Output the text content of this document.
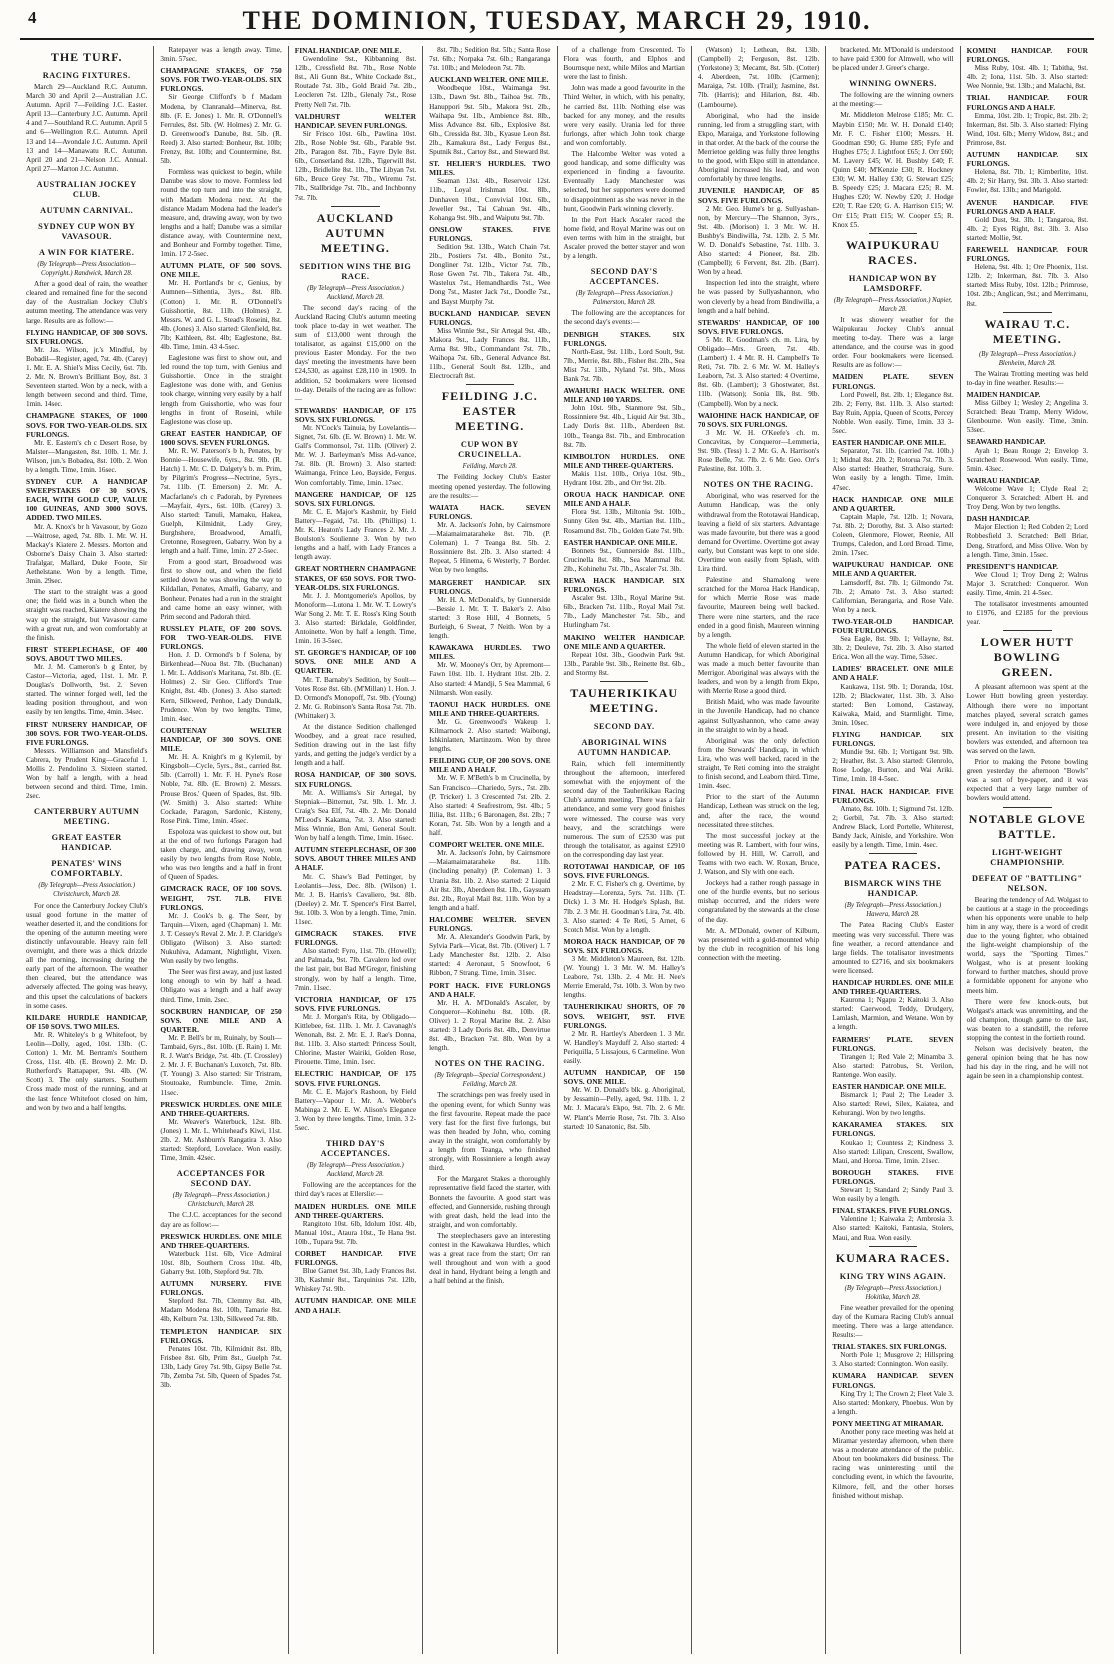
4	THE DOMINION, TUESDAY, MARCH 29, 1910.
THE TURF.
RACING FIXTURES.
March 29—Auckland R.C. Autumn. March 30 and April 2—Australian J.C. Autumn. April 7—Feilding J.C. Easter. April 13—Canterbury J.C. Autumn. April 4 and 7—Southland R.C. Autumn. April 5 and 6—Wellington R.C. Autumn. April 13 and 14—Avondale J.C. Autumn. April 13 and 14—Manawatu R.C. Autumn. April 20 and 21—Nelson J.C. Annual. April 27—Marton J.C. Autumn.
AUSTRALIAN JOCKEY CLUB.
AUTUMN CARNIVAL.
SYDNEY CUP WON BY VAVASOUR.
A WIN FOR KIATERE.
(By Telegraph—Press Association—Copyright.) Randwick, March 28.
After a good deal of rain, the weather cleared and remained fine for the second day of the Australian Jockey Club's autumn meeting. The attendance was very large. Results are as follow:—
FLYING HANDICAP, OF 300 SOVS. SIX FURLONGS.
Mr. Jas. Wilson, jr.'s Mindful, by Bobadil—Register, aged, 7st. 4lb. (Carey) 1. Mr. E. A. Shiel's Miss Cecily, 6st. 7lb. 2. Mr. N. Brown's Brilliant Boy, 8st. 3 Seventeen started. Won by a neck, with a length between second and third. Time, 1min. 14sec.
CHAMPAGNE STAKES, OF 1000 SOVS. FOR TWO-YEAR-OLDS. SIX FURLONGS.
Mr. E. Eastern's ch c Desert Rose, by Malster—Mangasten, 8st. 10lb. 1. Mr. J. Wilson, jun.'s Bobadea, 8st. 10lb. 2. Won by a length. Time, 1min. 16sec.
SYDNEY CUP. A HANDICAP SWEEPSTAKES OF 30 SOVS. EACH, WITH GOLD CUP, VALUE 100 GUINEAS, AND 3000 SOVS. ADDED. TWO MILES.
Mr. A. Knox's br h Vavasour, by Gozo—Waitrose, aged, 7st. 8lb. 1. Mr. W. H. Mackay's Kiatere 2. Messrs. Morton and Osborne's Daisy Chain 3. Also started: Trafalgar, Mallard, Duke Foote, Sir Aethelstane. Won by a length. Time, 3min. 29sec.
The start to the straight was a good one; the field was in a bunch when the straight was reached, Kiatere showing the way up the straight, but Vavasour came with a great run, and won comfortably at the finish.
FIRST STEEPLECHASE, OF 400 SOVS. ABOUT TWO MILES.
Mr. J. M. Cameron's b g Enter, by Castor—Victoria, aged, 11st. 1. Mr. P. Douglas's Dollworth, 9st. 2. Seven started. The winner forged well, led the leading position throughout, and won easily by ten lengths. Time, 4min. 34sec.
FIRST NURSERY HANDICAP, OF 300 SOVS. FOR TWO-YEAR-OLDS. FIVE FURLONGS.
Messrs. Williamson and Mansfield's Cabrera, by Prudent King—Graceful 1. Mollis 2. Pendolino 3. Sixteen started. Won by half a length, with a head between second and third. Time, 1min. 2sec.
CANTERBURY AUTUMN MEETING.
GREAT EASTER HANDICAP.
PENATES' WINS COMFORTABLY.
(By Telegraph—Press Association.) Christchurch, March 28.
For once the Canterbury Jockey Club's usual good fortune in the matter of weather deserted it, and the conditions for the opening of the autumn meeting were distinctly unfavourable. Heavy rain fell overnight, and there was a thick drizzle all the morning, increasing during the early part of the afternoon. The weather then cleared, but the attendance was adversely affected. The going was heavy, and this upset the calculations of backers in some cases.
KILDARE HURDLE HANDICAP, OF 150 SOVS. TWO MILES.
Mr. R. Whiteley's b g Whitefoot, by Leolin—Dolly, aged, 10st. 13lb. (C. Cotton) 1. Mr. M. Bertram's Southern Cross, 11st. 4lb. (E. Brown) 2. Mr. D. Rutherford's Rattapaper, 9st. 4lb. (W. Scott) 3. The only starters. Southern Cross made most of the running, and at the last fence Whitefoot closed on him, and won by two and a half lengths.
Ratepayer was a length away. Time, 3min. 57sec.
CHAMPAGNE STAKES, OF 750 SOVS. FOR TWO-YEAR-OLDS. SIX FURLONGS.
Sir George Clifford's b f Madam Modena, by Clanranald—Minerva, 8st. 8lb. (F. E. Jones) 1. Mr. R. O'Donnell's Ferrules, 8st. 5lb. (W. Holmes) 2. Mr. G. D. Greenwood's Danube, 8st. 5lb. (R. Reed) 3. Also started: Bonheur, 8st. 10lb; Frenzy, 8st. 10lb; and Countermine, 8st. 5lb.
Formless was quickest to begin, while Danube was slow to move. Formless led round the top turn and into the straight, with Madam Modena next. At the distance Madam Modena had the leader's measure, and, drawing away, won by two lengths and a half; Danube was a similar distance away, with Countermine next, and Bonheur and Formby together. Time, 1min. 17 2-5sec.
AUTUMN PLATE, OF 500 SOVS. ONE MILE.
Mr. H. Portland's br c, Genius, by Aumnen—Sithentia, 3yrs., 8st. 8lb. (Cotton) 1. Mr. R. O'Donnell's Guisshortie, 8st. 11lb. (Holmes) 2. Messrs. W. and G. L. Stead's Roseini, 8st. 4lb. (Jones) 3. Also started: Glenfield, 8st. 7lb; Kathleen, 8st. 4lb; Eaglestone, 8st. 4lb. Time, 1min. 43 4-5sec.
Eaglestone was first to show out, and led round the top turn, with Genius and Guisshortie. Once in the straight Eaglestone was done with, and Genius took charge, winning very easily by a half length from Guisshortie, who was four lengths in front of Roseini, while Eaglestone was close up.
GREAT EASTER HANDICAP, OF 1000 SOVS. SEVEN FURLONGS.
Mr. R. W. Paterson's b h, Penates, by Bonnie—Housewife, 6yrs., 8st. 9lb. (R. Hatch) 1. Mr. C. D. Dalgety's b. m. Prim, by Pilgrim's Progress—Nectrine, 5yrs., 7st. 11lb. (T. Emerson) 2. Mr. A. Macfarlane's ch c Padorah, by Pyrenees—Mayfair, 4yrs., 6st. 10lb. (Carey) 3. Also started: Tanuli, Mamaku, Hakea, Guelph, Kilmidnit, Lady Grey, Burghshere, Broadwood, Amalfi, Cretonne, Rosegreen, Gabarry. Won by a length and a half. Time, 1min. 27 2-5sec.
From a good start, Broadwood was first to show out, and when the field settled down he was showing the way to Kildallan, Penates, Amalfi, Gabarry, and Bonheur. Penates had a run in the straight and came home an easy winner, with Prim second and Padorah third.
RUSSLEY PLATE, OF 200 SOVS. FOR TWO-YEAR-OLDS. FIVE FURLONGS.
Hon. J. D. Ormond's b f Solena, by Birkenhead—Nuoa 8st. 7lb. (Buchanan) 1. Mr. L. Addison's Maritana, 7st. 8lb. (E. Holmes) 2. Sir Geo. Clifford's True Knight, 8st. 4lb. (Jones) 3. Also started: Kern, Silkweed, Penhoe, Lady Dundalk, Prudence. Won by two lengths. Time, 1min. 4sec.
COURTENAY WELTER HANDICAP, OF 300 SOVS. ONE MILE.
Mr. H. A. Knight's m g Kylemil, by Kingsbolt—Cycle, 5yrs., 8st., carried 8st. 5lb. (Carroll) 1. Mr. F. H. Pyne's Rose Noble, 7st. 8lb. (E. Brown) 2. Messrs. Prouse Bros.' Queen of Spades, 8st. 9lb. (W. Smith) 3. Also started: White Cockade, Paragon, Sardonic, Kisteny, Rose Pink. Time, 1min. 45sec.
Espoloza was quickest to show out, but at the end of two furlongs Paragon had taken charge, and, drawing away, won easily by two lengths from Rose Noble, who was two lengths and a half in front of Queen of Spades.
GIMCRACK RACE, OF 100 SOVS. WEIGHT, 7ST. 7LB. FIVE FURLONGS.
Mr. J. Cook's b. g. The Seer, by Tarquin—Vixen, aged (Chapman) 1. Mr. J. T. Cessey's Reval 2. Mr. J. P. Claridge's Obligato (Wilson) 3. Also started: Nukuhiva, Adamant, Nightlight, Vixen. Won easily by two lengths.
The Seer was first away, and just lasted long enough to win by half a head. Obligato was a length and a half away third. Time, 1min. 2sec.
SOCKBURN HANDICAP, OF 250 SOVS. ONE MILE AND A QUARTER.
Mr. P. Bell's br m, Ruinaly, by Soult—Tambaid, 6yrs., 8st. 10lb. (E. Rain) 1. Mr. R. J. Watt's Bridge, 7st. 4lb. (T. Crossley) 2. Mr. J. F. Buchanan's Luxotch, 7st. 8lb. (T. Young) 3. Also started: Sir Tristram, Stoutoake, Rumbuncle. Time, 2min. 11sec.
PRESWICK HURDLES. ONE MILE AND THREE-QUARTERS.
Mr. Weaver's Waterbuck, 12st. 8lb. (Jones) 1. Mr. L. Whitehead's Kiwi, 11st. 2lb. 2. Mr. Ashburn's Rangatira 3. Also started: Stepford, Lovelace. Won easily. Time, 3min. 42sec.
ACCEPTANCES FOR SECOND DAY.
(By Telegraph—Press Association.) Christchurch, March 28.
The C.J.C. acceptances for the second day are as follow:—
PRESWICK HURDLES. ONE MILE AND THREE-QUARTERS.
Waterbuck 11st. 6lb, Vice Admiral 10st. 8lb, Southern Cross 10st. 4lb, Gabarry 9st. 10lb, Stepford 9st. 7lb.
AUTUMN NURSERY. FIVE FURLONGS.
Stepford 8st. 7lb, Clemmy 8st. 4lb, Madam Modena 8st. 10lb, Tamarie 8st. 4lb, Kelburn 7st. 13lb, Silkweed 7st. 8lb.
TEMPLETON HANDICAP. SIX FURLONGS.
Penates 10st. 7lb, Kilmidnit 8st. 8lb, Frisbee 8st. 6lb, Prim 8st., Guelph 7st. 13lb, Lady Grey 7st. 9lb, Gipsy Belle 7st. 7lb, Zemba 7st. 5lb, Queen of Spades 7st. 3lb.
FINAL HANDICAP. ONE MILE.
Gwendoline 9st., Kibbanning 8st. 12lb., Cressfield 8st. 7lb., Rose Noble 8st., Ali Gunn 8st., White Cockade 8st., Routade 7st. 3lb., Gold Braid 7st. 2lb., Leocleren 7st. 12lb., Glenaly 7st., Rose Pretty Nell 7st. 7lb.
VALDHURST WELTER HANDICAP. SEVEN FURLONGS.
Sir Frisco 10st. 6lb., Pawlina 10st. 2lb., Rose Noble 9st. 6lb., Parable 9st. 2lb., Paragon 8st. 7lb., Fayre Dyle 8st. 6lb., Conserland 8st. 12lb., Tigerwill 8st. 12lb., Bridlelite 8st. 1lb., The Libyan 7st. 6lb., Bruce Grey 7st. 7lb., Wiremu 7st. 7lb., Stallbridge 7st. 7lb., and Inchbonny 7st. 7lb.
AUCKLAND AUTUMN MEETING.
SEDITION WINS THE BIG RACE.
(By Telegraph—Press Association.) Auckland, March 28.
The second day's racing of the Auckland Racing Club's autumn meeting took place to-day in wet weather. The sum of £13,000 went through the totalisator, as against £15,000 on the previous Easter Monday. For the two days' meeting the investments have been £24,530, as against £28,110 in 1909. In addition, 52 bookmakers were licensed to-day. Details of the racing are as follow:—
STEWARDS' HANDICAP, OF 175 SOVS. SIX FURLONGS.
Mr. N'Cock's Tainuia, by Lovelantis—Signet, 7st. 6lb. (E. W. Brown) 1. Mr. W. Gall's Commonsol, 7st. 11lb. (Oliver) 2. Mr. W. J. Barleyman's Miss Ad-vance, 7st. 8lb. (R. Brown) 3. Also started: Waimanga, Frince Leo, Bayside, Fergus. Won comfortably. Time, 1min. 17sec.
MANGERE HANDICAP, OF 125 SOVS. SIX FURLONGS.
Mr. C. E. Major's Kashmir, by Field Battery—Fegaid, 7st. 1lb. (Phillips) 1. Mr. K. Heaton's Lady Frances 2. Mr. J. Boulston's Soulienne 3. Won by two lengths and a half, with Lady Frances a length away.
GREAT NORTHERN CHAMPAGNE STAKES, OF 650 SOVS. FOR TWO-YEAR-OLDS. SIX FURLONGS.
Mr. J. J. Montgomerie's Apollos, by Monoform—Lutona 1. Mr. W. T. Lowry's War Song 2. Mr. T. E. Ross's King South 3. Also started: Birkdale, Goldfinder, Antoinette. Won by half a length. Time, 1min. 16 3-5sec.
ST. GEORGE'S HANDICAP, OF 100 SOVS. ONE MILE AND A QUARTER.
Mr. T. Barnaby's Sedition, by Soult—Votes Rose 8st. 6lb. (M'Millan) 1. Hon. J. D. Ormond's Monopoff, 7st. 9lb. (Young) 2. Mr. G. Robinson's Santa Rosa 7st. 7lb. (Whittaker) 3.
At the distance Sedition challenged Woodbey, and a great race resulted, Sedition drawing out in the last fifty yards, and getting the judge's verdict by a length and a half.
ROSA HANDICAP, OF 300 SOVS. SIX FURLONGS.
Mr. A. Williams's Sir Artegal, by Stepniak—Bitternut, 7st. 9lb. 1. Mr. J. Craig's Sea Elf, 7st. 4lb. 2. Mr. Donald M'Leod's Kakama, 7st. 3. Also started: Miss Winnie, Bon Ami, General Soult. Won by half a length. Time, 1min. 16sec.
AUTUMN STEEPLECHASE, OF 300 SOVS. ABOUT THREE MILES AND A HALF.
Mr. C. Shaw's Bad Pettinger, by Leolantis—Jess, Dec. 8lb. (Wilson) 1. Mr. J. B. Harris's Cavaliero, 9st. 8lb. (Deeley) 2. Mr. T. Spencer's First Barrel, 9st. 10lb. 3. Won by a length. Time, 7min. 11sec.
GIMCRACK STAKES. FIVE FURLONGS.
Also started: Fyro, 11st. 7lb. (Howell); and Palmada, 9st. 7lb. Cavalero led over the last pair, but Bad M'Gregor, finishing strongly, won by half a length. Time, 7min. 11sec.
VICTORIA HANDICAP, OF 175 SOVS. FIVE FURLONGS.
Mr. J. Morgan's Rita, by Obligado—Kittlebee, 6st. 11lb. 1. Mr. J. Cavanagh's Wenonah, 8st. 2. Mr. E. J. Rae's Donna, 8st. 11lb. 3. Also started: Princess Soult, Chlorine, Master Wairiki, Golden Rose, Pirouette. Time, 1min. 1sec.
ELECTRIC HANDICAP, OF 175 SOVS. FIVE FURLONGS.
Mr. C. E. Major's Rashoon, by Field Battery—Vapour 1. Mr. A. Webber's Mabinga 2. Mr. E. W. Alison's Elegance 3. Won by three lengths. Time, 1min. 3 2-5sec.
THIRD DAY'S ACCEPTANCES.
(By Telegraph—Press Association.) Auckland, March 28.
Following are the acceptances for the third day's races at Ellerslie:—
MAIDEN HURDLES. ONE MILE AND THREE-QUARTERS.
Rangitoto 10st. 6lb, Idolum 10st. 4lb, Manual 10st., Ataura 10st., Te Hana 9st. 10lb., Tupara 9st. 7lb.
CORBET HANDICAP. FIVE FURLONGS.
Blue Garnet 9st. 3lb, Lady Frances 8st. 3lb, Kashmir 8st., Tarquinius 7st. 12lb, Whiskey 7st. 9lb.
AUTUMN HANDICAP. ONE MILE AND A HALF.
8st. 7lb.; Sedition 8st. 5lb.; Santa Rose 7st. 6lb.; Norpaka 7st. 6lb.; Rangaranga 7st. 10lb.; and Melodeon 7st. 7lb.
AUCKLAND WELTER. ONE MILE.
Woodbeque 10st., Waimanga 9st. 13lb., Dawn 9st. 8lb., Taihoa 9st. 7lb., Hanuppori 9st. 5lb., Makora 9st. 2lb., Waihapa 9st. 1lb., Ambience 8st. 8lb., Miss Advance 8st. 6lb., Explosive 8st. 6lb., Cressida 8st. 3lb., Kyasue Leon 8st. 2lb., Kamakura 8st., Lady Fergus 8st., Sputnik 8st., Cartoy 8st., and Steward 8st.
ST. HELIER'S HURDLES. TWO MILES.
Seaman 13st. 4lb., Reservoir 12st. 11lb., Loyal Irishman 10st. 8lb., Dunhaven 10st., Convivial 10st. 6lb., Jeweller 9st., Tai Cahuan 9st. 4lb., Kohanga 9st. 9lb., and Waiputu 9st. 7lb.
ONSLOW STAKES. FIVE FURLONGS.
Sedition 9st. 13lb., Watch Chain 7st. 2lb., Postiers 7st. 4lb., Bonito 7st., Dongliner 7st. 12lb., Victor 7st. 7lb., Rose Gwen 7st. 7lb., Takera 7st. 4lb., Wastelux 7st., Hemandhardis 7st., Wee Dong 7st., Master Jack 7st., Doodle 7st., and Bayst Murphy 7st.
BUCKLAND HANDICAP. SEVEN FURLONGS.
Miss Winnie 9st., Sir Artegal 9st. 4lb., Makora 9st., Lady Frances 8st. 11lb., Arma 8st. 9lb., Commandant 7st. 7lb., Waihopa 7st. 6lb., General Advance 8st. 11lb., General Soult 8st. 12lb., and Electrocraft 8st.
FEILDING J.C. EASTER MEETING.
CUP WON BY CRUCINELLA.
Feilding, March 28.
The Feilding Jockey Club's Easter meeting opened yesterday. The following are the results:—
WAIATA HACK. SEVEN FURLONGS.
Mr. A. Jackson's John, by Cairnsmore—Maiamaimataraheke 8st. 7lb. (P. Coleman) 1. 7 Teanga 8st. 5lb. 2. Rossinniere 8st. 2lb. 3. Also started: 4 Repeat, 5 Hinema, 6 Westerly, 7 Border. Won by two lengths.
MARGERET HANDICAP. SIX FURLONGS.
Mr. H. A. McDonald's, by Gunnerside—Bessie 1. Mr. T. T. Baker's 2. Also started: 3 Rose Hill, 4 Bonnets, 5 Burleigh, 6 Sweat, 7 Neith. Won by a length.
KAWAKAWA HURDLES. TWO MILES.
Mr. W. Mooney's Orr, by Apremont—Fawn 10st. 1lb. 1. Hydrant 10st. 2lb. 2. Also started: 4 Mandji, 5 Sea Mammal, 6 Nilmarsh. Won easily.
TAONUI HACK HURDLES. ONE MILE AND THREE-QUARTERS.
Mr. G. Greenwood's Wakeup 1. Kilmarnock 2. Also started: Waibongi, Ishkinlatten, Martinzom. Won by three lengths.
FEILDING CUP, OF 200 SOVS. ONE MILE AND A HALF.
Mr. W. F. M'Beth's b m Crucinella, by San Francisco—Chariedo, 5yrs., 7st. 2lb. (P. Tricker) 1. 3 Crescented 7st. 2lb. 2. Also started: 4 Seafrestrom, 9st. 4lb.; 5 Ililia, 8st. 11lb.; 6 Baronagen, 8st. 2lb.; 7 Koran, 7st. 5lb. Won by a length and a half.
COMPORT WELTER. ONE MILE.
Mr. A. Jackson's John, by Cairnsmore—Maiamaimataraheke 8st. 11lb. (including penalty) (P. Coleman) 1. 3 Urania 8st. 1lb. 2. Also started: 2 Liquid Air 8st. 3lb., Aberdeen 8st. 1lb., Gaysuam 8st. 2lb., Royal Mail 8st. 11lb. Won by a length and a half.
HALCOMBE WELTER. SEVEN FURLONGS.
Mr. A. Alexander's Goodwin Park, by Sylvia Park—Vicat, 8st. 7lb. (Oliver) 1. 7 Lady Manchester 8st. 12lb. 2. Also started: 4 Aeronaut, 5 Snowfoot, 6 Ribbon, 7 Strang. Time, 1min. 31sec.
PORT HACK. FIVE FURLONGS AND A HALF.
Mr. H. A. M'Donald's Ascaler, by Conqueror—Kohinehu 8st. 10lb. (R. Oliver) 1. 2 Royal Marine 8st. 2. Also started: 3 Lady Doris 8st. 4lb., Denvirtue 8st. 4lb., Bracken 7st. 8lb. Won by a length.
NOTES ON THE RACING.
(By Telegraph—Special Correspondent.) Feilding, March 28.
The scratchings pen was freely used in the opening event, for which Sunny was the first favourite. Repeat made the pace very fast for the first five furlongs, but was then headed by John, who, coming away in the straight, won comfortably by a length from Teanga, who finished strongly, with Rossinniere a length away third.
For the Margaret Stakes a thoroughly representative field faced the starter, with Bonnets the favourite. A good start was effected, and Gunnerside, rushing through with great dash, held the lead into the straight, and won comfortably.
The steeplechasers gave an interesting contest in the Kawakawa Hurdles, which was a great race from the start; Orr ran well throughout and won with a good deal in hand, Hydrant being a length and a half behind at the finish.
of a challenge from Crescented. To Flora was fourth, and Elphos and Bournsque next, while Milos and Martian were the last to finish.
John was made a good favourite in the Third Welter, in which, with his penalty, he carried 8st. 11lb. Nothing else was backed for any money, and the results were very easily. Urania led for three furlongs, after which John took charge and won comfortably.
The Halcombe Welter was voted a good handicap, and some difficulty was experienced in finding a favourite. Eventually Lady Manchester was selected, but her supporters were doomed to disappointment as she was never in the hunt, Goodwin Park winning cleverly.
In the Port Hack Ascaler raced the home field, and Royal Marine was out on even terms with him in the straight, but Ascaler proved the better stayer and won by a length.
SECOND DAY'S ACCEPTANCES.
(By Telegraph—Press Association.) Palmerston, March 28.
The following are the acceptances for the second day's events:—
DENBIGH STAKES. SIX FURLONGS.
North-East, 9st. 11lb., Lord Soult, 9st. 7lb., Merrie, 8st. 8lb., Fisher 8st. 2lb., Sea Mist 7st. 13lb., Nyland 7st. 9lb., Moss Bank 7st. 7lb.
AWAHURI HACK WELTER. ONE MILE AND 100 YARDS.
John 10st. 9lb., Stanmore 9st. 5lb., Rossinniere 9st. 4lb., Liquid Air 9st. 3lb., Lady Doris 8st. 11lb., Aberdeen 8st. 10lb., Teanga 8st. 7lb., and Embrocation 8st. 7lb.
KIMBOLTON HURDLES. ONE MILE AND THREE-QUARTERS.
Makis 11st. 10lb., Oriya 10st. 9lb., Hydrant 10st. 2lb., and Orr 9st. 2lb.
OROUA HACK HANDICAP. ONE MILE AND A HALF.
Flora 9st. 13lb., Miltonia 9st. 10lb., Sunny Glen 9st. 4lb., Martian 8st. 11lb., Rosamund 8st. 7lb., Golden Gate 7st. 9lb.
EASTER HANDICAP. ONE MILE.
Bonnets 9st., Gunnerside 8st. 11lb., Crucinella 8st. 8lb., Sea Mammal 8st. 2lb., Kohinehu 7st. 7lb., Ascaler 7st. 3lb.
REWA HACK HANDICAP. SIX FURLONGS.
Ascaler 9st. 13lb., Royal Marine 9st. 6lb., Bracken 7st. 11lb., Royal Mail 7st. 7lb., Lady Manchester 7st. 5lb., and Hurlingham 7st.
MAKINO WELTER HANDICAP. ONE MILE AND A QUARTER.
Repeat 10st. 3lb., Goodwin Park 9st. 13lb., Parable 9st. 3lb., Reinette 8st. 6lb., and Stormy 8st.
TAUHERIKIKAU MEETING.
SECOND DAY.
ABORIGINAL WINS AUTUMN HANDICAP.
Rain, which fell intermittently throughout the afternoon, interfered somewhat with the enjoyment of the second day of the Tauherikikau Racing Club's autumn meeting. There was a fair attendance, and some very good finishes were witnessed. The course was very heavy, and the scratchings were numerous. The sum of £2530 was put through the totalisator, as against £2910 on the corresponding day last year.
ROTOTAWAI HANDICAP, OF 105 SOVS. FIVE FURLONGS.
2 Mr. F. C. Fisher's ch g. Overtime, by Headstray—Lorenza, 5yrs. 7st. 11lb. (T. Dick) 1. 3 Mr. H. Hodge's Splash, 8st. 7lb. 2. 3 Mr. H. Goodman's Lira, 7st. 4lb. 3. Also started: 4 Te Reti, 5 Arnet, 6 Scotch Mist. Won by a length.
MOROA HACK HANDICAP, OF 70 SOVS. SIX FURLONGS.
3 Mr. Middleton's Maureen, 8st. 12lb. (W. Young) 1. 3 Mr. W. M. Halley's Leabore, 7st. 13lb. 2. 4 Mr. H. Nee's Merrie Emerald, 7st. 10lb. 3. Won by two lengths.
TAUHERIKIKAU SHORTS, OF 70 SOVS. WEIGHT, 9ST. FIVE FURLONGS.
2 Mr. R. Hartley's Aberdeen 1. 3 Mr. W. Handley's Mayduff 2. Also started: 4 Periquilla, 5 Lissajous, 6 Carmeline. Won easily.
AUTUMN HANDICAP, OF 150 SOVS. ONE MILE.
Mr. W. D. Donald's blk. g. Aboriginal, by Jessamin—Pelly, aged, 9st. 11lb. 1. 2 Mr. J. Macara's Ekpo, 9st. 7lb. 2. 6 Mr. W. Plant's Merrie Rose, 7st. 7lb. 3. Also started: 10 Sanatonic, 8st. 5lb.
(Watson) 1; Lethean, 8st. 13lb. (Campbell) 2; Ferguson, 8st. 12lb. (Yorkstone) 3; Mecamt, 8st. 5lb. (Cotter) 4. Aberdeen, 7st. 10lb. (Carmen); Maraiga, 7st. 10lb. (Trail); Jasmine, 8st. 7lb. (Harris); and Hilarion, 8st. 4lb. (Lambourne).
Aboriginal, who had the inside running, led from a struggling start, with Ekpo, Maraiga, and Yorkstone following in that order. At the back of the course the Merrietoe gelding was fully three lengths to the good, with Ekpo still in attendance. Aboriginal increased his lead, and won comfortably by three lengths.
JUVENILE HANDICAP, OF 85 SOVS. FIVE FURLONGS.
2 Mr. Geo. Hume's br g. Sullyashan-non, by Mercury—The Shannon, 3yrs., 9st. 4lb. (Morison) 1. 3 Mr. W. H. Bushby's Bindiwilla, 7st. 12lb. 2. 5 Mr. W. D. Donald's Sebastine, 7st. 11lb. 3. Also started: 4 Pioneer, 8st. 2lb. (Campbell); 6 Fervent, 8st. 2lb. (Barr). Won by a head.
Inspection led into the straight, where he was passed by Sullyashannon, who won cleverly by a head from Bindiwilla, a length and a half behind.
STEWARDS' HANDICAP, OF 100 SOVS. FIVE FURLONGS.
5 Mr. R. Goodman's ch. m. Lira, by Obligado—Mrs. Green, 7st. 4lb. (Lambert) 1. 4 Mr. R. H. Campbell's Te Reti, 7st. 7lb. 2. 6 Mr. W. M. Halley's Leaborn, 7st. 3. Also started: 4 Overtime, 8st. 6lb. (Lambert); 3 Ghostwater, 8st. 11lb. (Watson); Sonia Ilk, 8st. 9lb. (Campbell). Won by a neck.
WAIOHINE HACK HANDICAP, OF 70 SOVS. SIX FURLONGS.
3 Mr. W. H. O'Keefe's ch. m. Concavitas, by Conqueror—Lemmeria, 9st. 9lb. (Tess) 1. 2 Mr. G. A. Harrison's Rose Belle, 7st. 7lb. 2. 6 Mr. Geo. Orr's Palestine, 8st. 10lb. 3.
NOTES ON THE RACING.
Aboriginal, who was reserved for the Autumn Handicap, was the only withdrawal from the Rototawai Handicap, leaving a field of six starters. Advantage was made favourite, but there was a good demand for Overtime. Overtime got away early, but Constant was kept to one side. Overtime won easily from Splash, with Lira third.
Palestine and Shamalong were scratched for the Moroa Hack Handicap, for which Merrie Rose was made favourite, Maureen being well backed. There were nine starters, and the race ended in a good finish, Maureen winning by a length.
The whole field of eleven started in the Autumn Handicap, for which Aboriginal was made a much better favourite than Merrigor. Aboriginal was always with the leaders, and won by a length from Ekpo, with Merrie Rose a good third.
British Maid, who was made favourite in the Juvenile Handicap, had no chance against Sullyashannon, who came away in the straight to win by a head.
Aboriginal was the only defection from the Stewards' Handicap, in which Lira, who was well backed, raced in the straight, Te Reti coming into the straight to finish second, and Leaborn third. Time, 1min. 4sec.
Prior to the start of the Autumn Handicap, Lethean was struck on the leg, and, after the race, the wound necessitated three stitches.
The most successful jockey at the meeting was R. Lambert, with four wins, followed by H. Hill, W. Carroll, and Teams with two each. W. Roxan, Bruce, J. Watson, and Sly with one each.
Jockeys had a rather rough passage in one of the hurdle events, but no serious mishap occurred, and the riders were congratulated by the stewards at the close of the day.
Mr. A. M'Donald, owner of Kilburn, was presented with a gold-mounted whip by the club in recognition of his long connection with the meeting.
bracketed. Mr. M'Donald is understood to have paid £300 for Almwell, who will be placed under J. Greer's charge.
WINNING OWNERS.
The following are the winning owners at the meeting:—
Mr. Middleton Melrose £185; Mr. C. Maybin £150; Mr. W. H. Donald £140; Mr. F. C. Fisher £100; Messrs. H. Goodman £90; G. Hume £85; Fyfe and Hughes £75; J. Lightfoot £65; J. Orr £60; M. Lavery £45; W. H. Bushby £40; F. Quinn £40; M'Kenzie £30; R. Hockney £30; W. M. Halley £30; G. Stewart £25; B. Speedy £25; J. Macara £25; R. M. Hughes £20; W. Newby £20; J. Hodge £20; T. Rae £20; G. A. Harrison £15; W. Orr £15; Pratt £15; W. Cooper £5; R. Knox £5.
WAIPUKURAU RACES.
HANDICAP WON BY LAMSDORFF.
(By Telegraph—Press Association.) Napier, March 28.
It was showery weather for the Waipukurau Jockey Club's annual meeting to-day. There was a large attendance, and the course was in good order. Four bookmakers were licensed. Results are as follow:—
MAIDEN PLATE. SEVEN FURLONGS.
Lord Powell, 8st. 2lb. 1; Elegance 8st. 2lb. 2; Ferry, 8st. 11lb. 3. Also started: Bay Ruin, Appia, Queen of Scotts, Percey Nobble. Won easily. Time, 1min. 33 3-5sec.
EASTER HANDICAP. ONE MILE.
Separator, 7st. 1lb. (carried 7st. 10lb.) 1; Midnal 8st. 2lb. 2; Rotorua 7st. 7lb. 3. Also started: Heather, Strathcraig, Sure. Won easily by a length. Time, 1min. 47sec.
HACK HANDICAP. ONE MILE AND A QUARTER.
Captain Maple, 7st. 12lb. 1; Novara, 7st. 8lb. 2; Dorothy, 8st. 3. Also started: Coleen, Glenmore, Flower, Reenie, All Trumps, Caledon, and Lord Broad. Time, 2min. 17sec.
WAIPUKURAU HANDICAP. ONE MILE AND A QUARTER.
Lamsdorff, 8st. 7lb. 1; Gilmondo 7st. 7lb. 2; Amato 7st. 3. Also started: Californian, Berangaria, and Rose Vale. Won by a neck.
TWO-YEAR-OLD HANDICAP. FOUR FURLONGS.
Sea Eagle, 8st. 9lb. 1; Vellayne, 8st. 3lb. 2; Deuleve, 7st. 2lb. 3. Also started Erica. Won all the way. Time, 53sec.
LADIES' BRACELET. ONE MILE AND A HALF.
Kaukawa, 11st. 9lb. 1; Doranda, 10st. 12lb. 2; Blackwater, 11st. 3lb. 3. Also started: Ben Lomond, Castaway, Kaiwaka, Maid, and Starmlight. Time, 3min. 10sec.
FLYING HANDICAP. SIX FURLONGS.
Mundie 9st. 6lb. 1; Vortigant 9st. 9lb. 2; Heather, 8st. 3. Also started: Glenrolo, Rose Lodge, Burton, and Wai Ariki. Time, 1min. 18 4-5sec.
FINAL HACK HANDICAP. FIVE FURLONGS.
Amato, 8st. 10lb. 1; Sigmund 7st. 12lb. 2; Gerbil, 7st. 7lb. 3. Also started: Andrew Black, Lord Portelle, Whiterest, Bandy Jack, Ainisle, and Yorkshire. Won easily by a length. Time, 1min. 4sec.
PATEA RACES.
BISMARCK WINS THE HANDICAP.
(By Telegraph—Press Association.) Hawera, March 28.
The Patea Racing Club's Easter meeting was very successful. There was fine weather, a record attendance and large fields. The totalisator investments amounted to £2716, and six bookmakers were licensed.
HANDICAP HURDLES. ONE MILE AND THREE-QUARTERS.
Kaurona 1; Ngapu 2; Kaitoki 3. Also started: Caerwood, Teddy, Drudgery, Lamlash, Marmion, and Wetane. Won by a length.
FARMERS' PLATE. SEVEN FURLONGS.
Tirangen 1; Red Vale 2; Minamba 3. Also started: Patrobus, St. Verilon, Rantenge. Won easily.
EASTER HANDICAP. ONE MILE.
Bismarck 1; Paul 2; The Leader 3. Also started: Rewi, Silex, Kaiatea, and Kehurangi. Won by two lengths.
KAKARAMEA STAKES. SIX FURLONGS.
Koukao 1; Countess 2; Kindness 3. Also started: Lilipan, Crescent, Swallow, Maui, and Horoa. Time, 1min. 21sec.
BOROUGH STAKES. FIVE FURLONGS.
Stewart 1; Standard 2; Sandy Paul 3. Won easily by a length.
FINAL STAKES. FIVE FURLONGS.
Valentine 1; Kaiwaka 2; Ambrosia 3. Also started: Kaitoki, Fantasia, Stolers, Maui, and Rua. Won easily.
KUMARA RACES.
KING TRY WINS AGAIN.
(By Telegraph—Press Association.) Hokitika, March 28.
Fine weather prevailed for the opening day of the Kumara Racing Club's annual meeting. There was a large attendance. Results:—
TRIAL STAKES. SIX FURLONGS.
North Pole 1; Musgrove 2; Hillspring 3. Also started: Connington. Won easily.
KUMARA HANDICAP. SEVEN FURLONGS.
King Try 1; The Crown 2; Fleet Vale 3. Also started: Monkery, Phoebus. Won by a length.
PONY MEETING AT MIRAMAR.
Another pony race meeting was held at Miramar yesterday afternoon, when there was a moderate attendance of the public. About ten bookmakers did business. The racing was uninteresting until the concluding event, in which the favourite, Kilmore, fell, and the other horses finished without mishap.
KOMINI HANDICAP. FOUR FURLONGS.
Miss Ruby, 10st. 4lb. 1; Tabitha, 9st. 4lb. 2; Iona, 11st. 5lb. 3. Also started: Wee Nonnie, 9st. 13lb.; and Malachi, 8st.
TRIAL HANDICAP. FOUR FURLONGS AND A HALF.
Emma, 10st. 2lb. 1; Tropic, 8st. 2lb. 2; Inkerman, 8st. 5lb. 3. Also started: Flying Wind, 10st. 6lb.; Merry Widow, 8st.; and Primrose, 8st.
AUTUMN HANDICAP. SIX FURLONGS.
Helena, 8st. 7lb. 1; Kimberlite, 10st. 4lb. 2; Sir Harry, 9st. 3lb. 3. Also started: Fowler, 8st. 13lb.; and Marigold.
AVENUE HANDICAP. FIVE FURLONGS AND A HALF.
Gold Dust, 9st. 3lb. 1; Tangaroa, 8st. 4lb. 2; Eyes Right, 8st. 3lb. 3. Also started: Mollie, 9st.
FAREWELL HANDICAP. FOUR FURLONGS.
Helena, 9st. 4lb. 1; Ore Phoenix, 11st. 12lb. 2; Inkerman, 8st. 7lb. 3. Also started: Miss Ruby, 10st. 12lb.; Primrose, 10st. 2lb.; Anglican, 9st.; and Merrimanu, 8st.
WAIRAU T.C. MEETING.
(By Telegraph—Press Association.) Blenheim, March 28.
The Wairau Trotting meeting was held to-day in fine weather. Results:—
MAIDEN HANDICAP.
Miss Gilbey 1; Wesley 2; Angelina 3. Scratched: Beau Tramp, Merry Widow, Glenbourne. Won easily. Time, 3min. 53sec.
SEAWARD HANDICAP.
Ayah 1; Beau Rouge 2; Envelop 3. Scratched: Rosewood. Won easily. Time, 5min. 43sec.
WAIRAU HANDICAP.
Welcome Wave 1; Clyde Real 2; Conqueror 3. Scratched: Albert H. and Troy Deng. Won by two lengths.
DASH HANDICAP.
Major Election 1; Red Cobden 2; Lord Robbesfield 3. Scratched: Bell Briar, Deng, Stratford, and Miss Olive. Won by a length. Time, 3min. 15sec.
PRESIDENT'S HANDICAP.
Wee Cloud 1; Troy Deng 2; Walrus Major 3. Scratched: Conqueror. Won easily. Time, 4min. 21 4-5sec.
The totalisator investments amounted to £1976, and £2185 for the previous year.
LOWER HUTT BOWLING GREEN.
A pleasant afternoon was spent at the Lower Hutt bowling green yesterday. Although there were no important matches played, several scratch games were indulged in, and enjoyed by those present. An invitation to the visiting bowlers was extended, and afternoon tea was served on the lawn.
Prior to making the Petone bowling green yesterday the afternoon "Bowls" was a sort of bye-paper, and it was expected that a very large number of bowlers would attend.
NOTABLE GLOVE BATTLE.
LIGHT-WEIGHT CHAMPIONSHIP.
DEFEAT OF "BATTLING" NELSON.
Bearing the tendency of Ad. Wolgast to be cautious at a stage in the proceedings when his opponents were unable to help him in any way, there is a word of credit due to the young fighter, who obtained the light-weight championship of the world, says the "Sporting Times." Wolgast, who is at present looking forward to further matches, should prove a formidable opponent for anyone who meets him.
There were few knock-outs, but Wolgast's attack was unremitting, and the old champion, though game to the last, was beaten to a standstill, the referee stopping the contest in the fortieth round.
Nelson was decisively beaten, the general opinion being that he has now had his day in the ring, and he will not again be seen in a championship contest.
